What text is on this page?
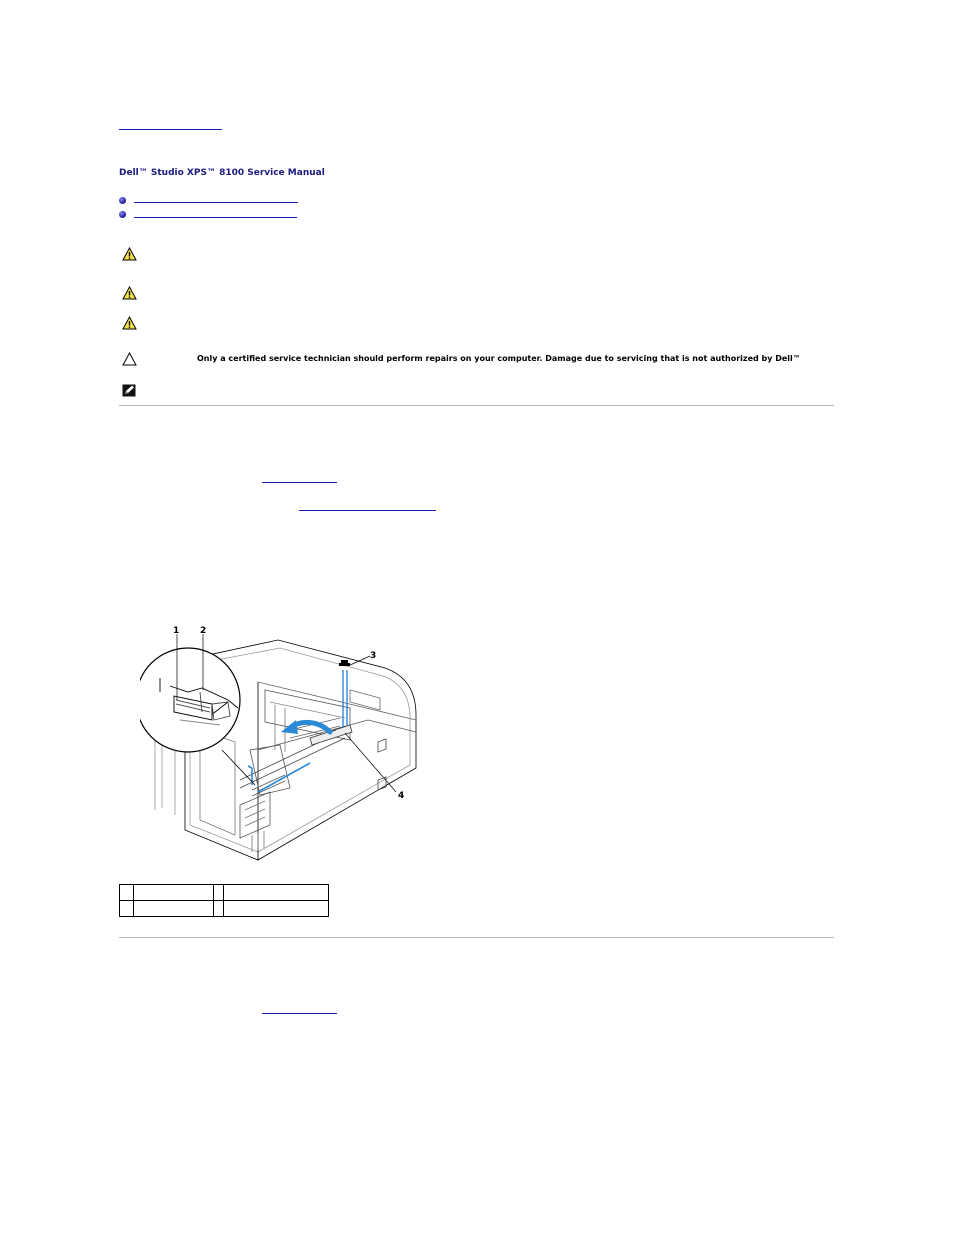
Dell™ Studio XPS™ 8100 Service Manual
Only a certified service technician should perform repairs on your computer. Damage due to servicing that is not authorized by Dell™
1 2
3
4
